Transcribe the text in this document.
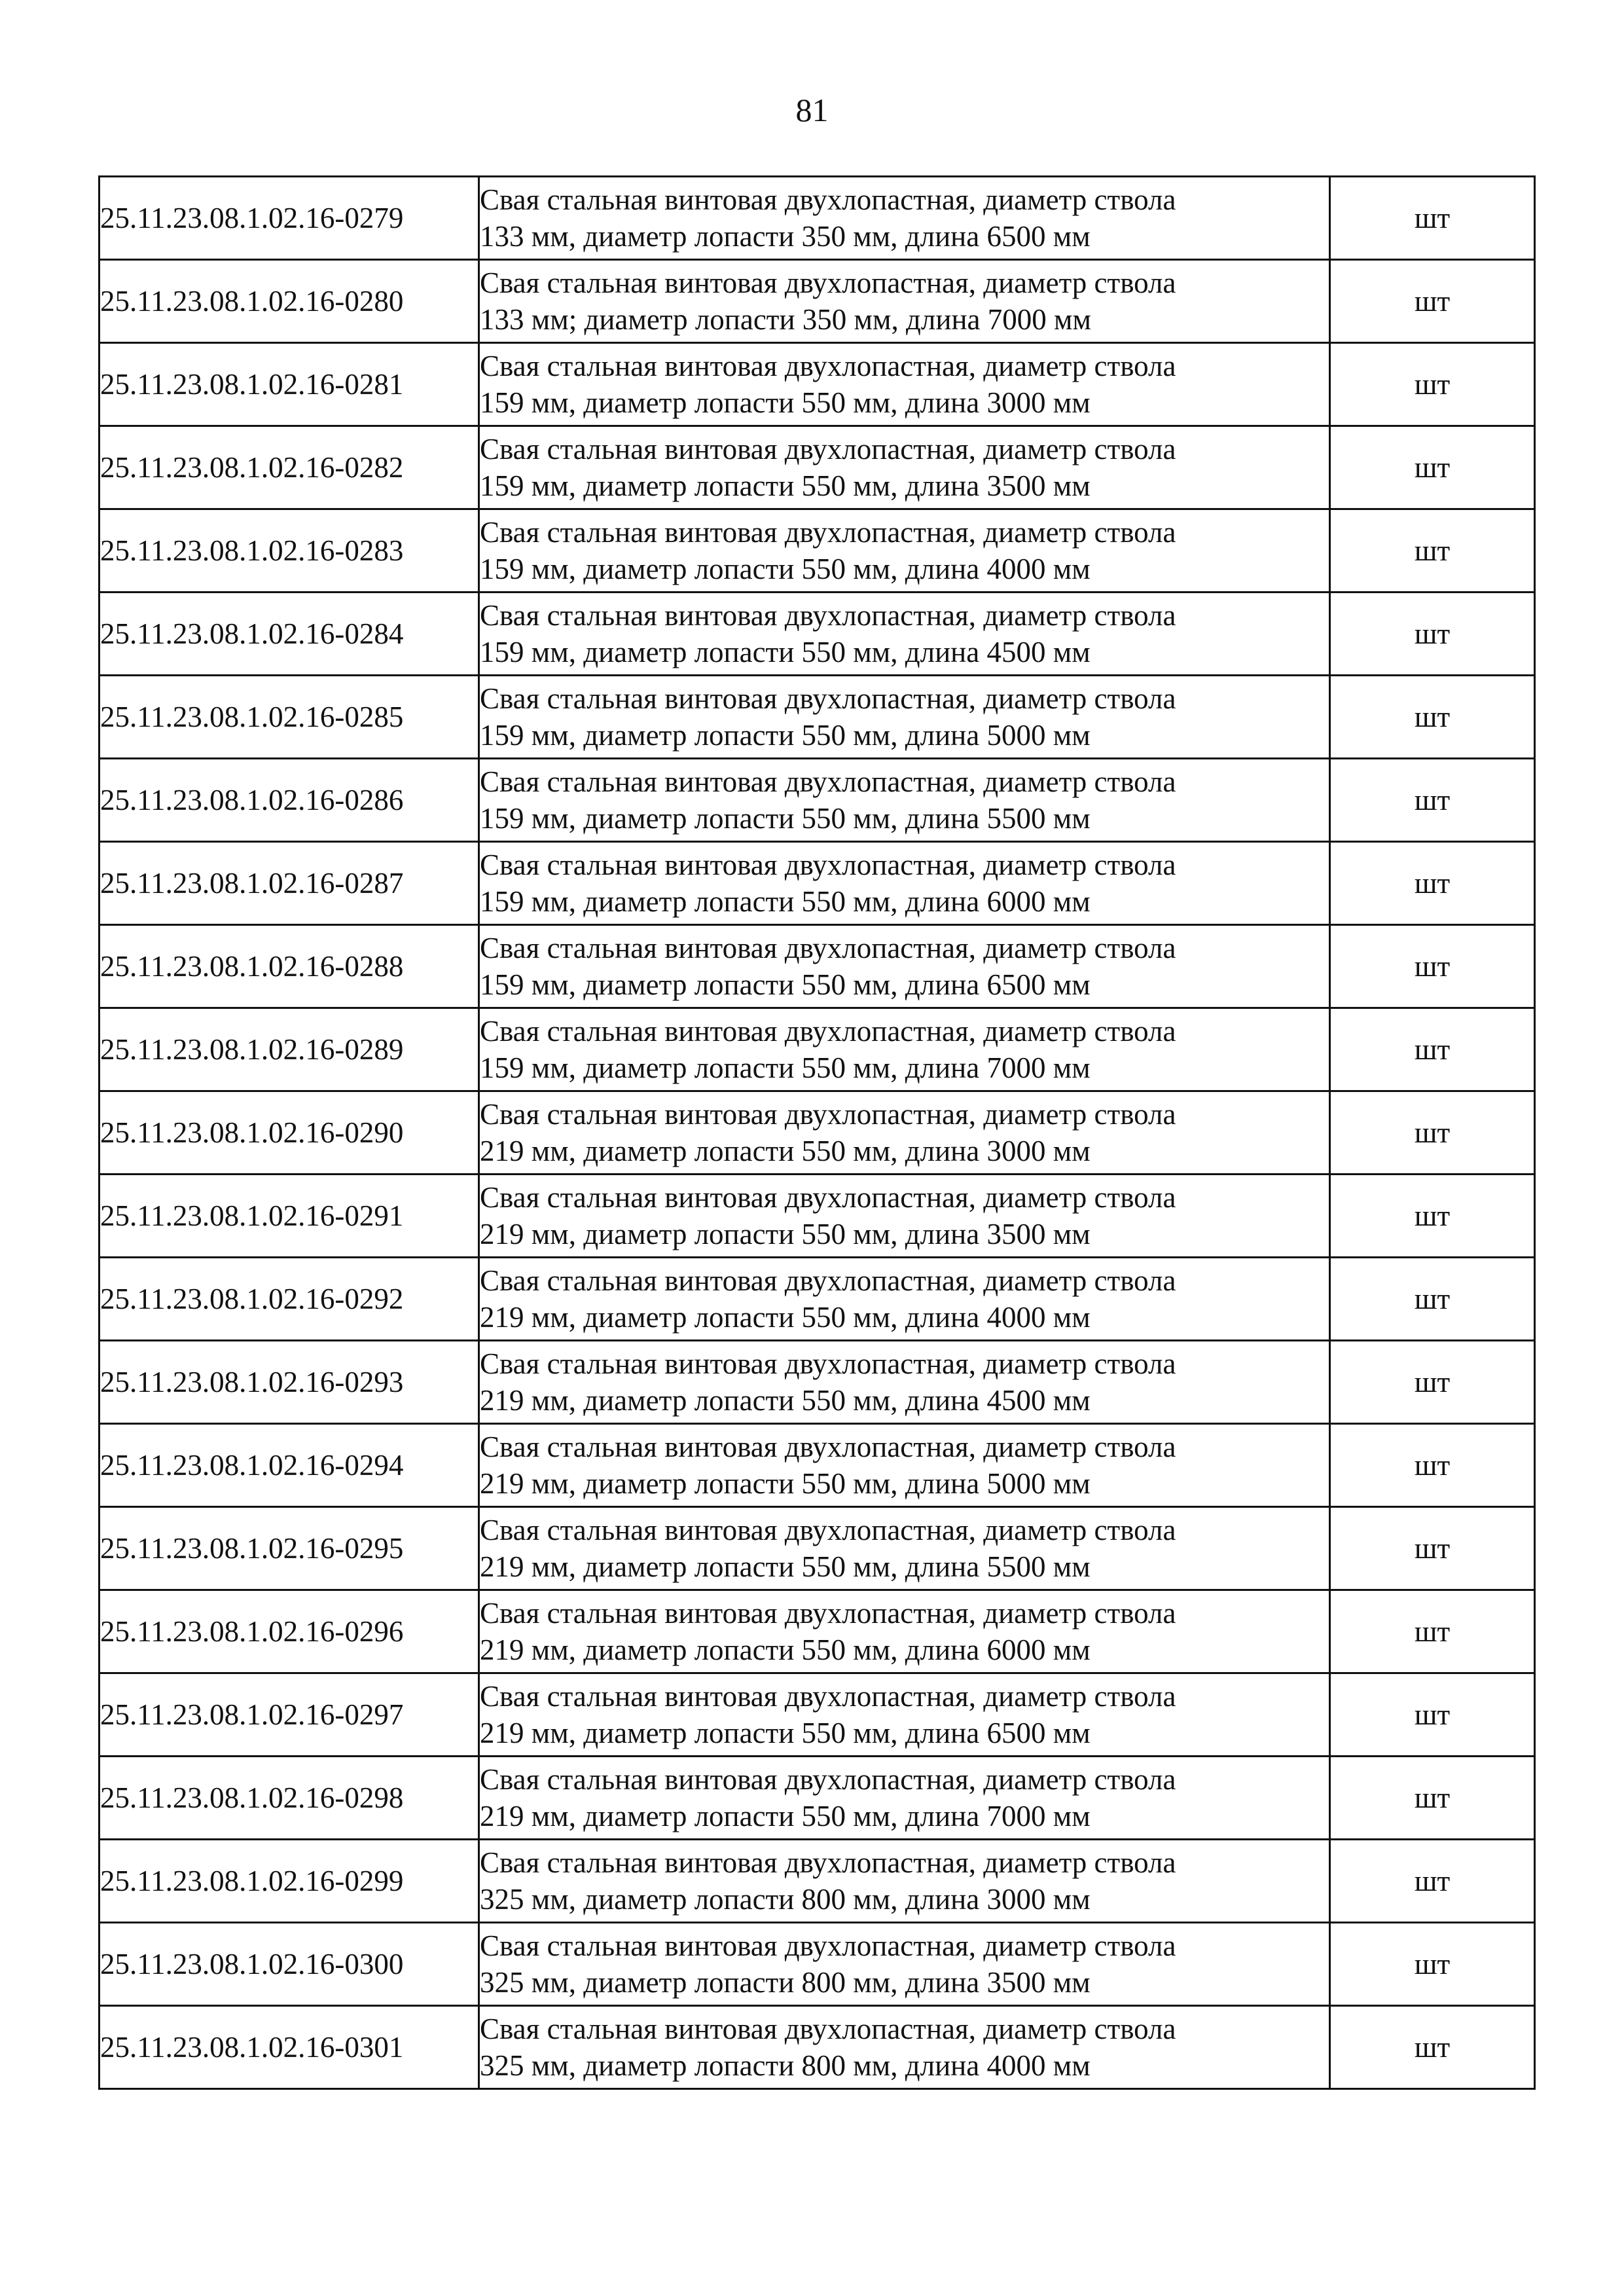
81
25.11.23.08.1.02.16-0279	Свая стальная винтовая двухлопастная, диаметр ствола
133 мм, диаметр лопасти 350 мм, длина 6500 мм	шт
25.11.23.08.1.02.16-0280	Свая стальная винтовая двухлопастная, диаметр ствола
133 мм; диаметр лопасти 350 мм, длина 7000 мм	шт
25.11.23.08.1.02.16-0281	Свая стальная винтовая двухлопастная, диаметр ствола
159 мм, диаметр лопасти 550 мм, длина 3000 мм	шт
25.11.23.08.1.02.16-0282	Свая стальная винтовая двухлопастная, диаметр ствола
159 мм, диаметр лопасти 550 мм, длина 3500 мм	шт
25.11.23.08.1.02.16-0283	Свая стальная винтовая двухлопастная, диаметр ствола
159 мм, диаметр лопасти 550 мм, длина 4000 мм	шт
25.11.23.08.1.02.16-0284	Свая стальная винтовая двухлопастная, диаметр ствола
159 мм, диаметр лопасти 550 мм, длина 4500 мм	шт
25.11.23.08.1.02.16-0285	Свая стальная винтовая двухлопастная, диаметр ствола
159 мм, диаметр лопасти 550 мм, длина 5000 мм	шт
25.11.23.08.1.02.16-0286	Свая стальная винтовая двухлопастная, диаметр ствола
159 мм, диаметр лопасти 550 мм, длина 5500 мм	шт
25.11.23.08.1.02.16-0287	Свая стальная винтовая двухлопастная, диаметр ствола
159 мм, диаметр лопасти 550 мм, длина 6000 мм	шт
25.11.23.08.1.02.16-0288	Свая стальная винтовая двухлопастная, диаметр ствола
159 мм, диаметр лопасти 550 мм, длина 6500 мм	шт
25.11.23.08.1.02.16-0289	Свая стальная винтовая двухлопастная, диаметр ствола
159 мм, диаметр лопасти 550 мм, длина 7000 мм	шт
25.11.23.08.1.02.16-0290	Свая стальная винтовая двухлопастная, диаметр ствола
219 мм, диаметр лопасти 550 мм, длина 3000 мм	шт
25.11.23.08.1.02.16-0291	Свая стальная винтовая двухлопастная, диаметр ствола
219 мм, диаметр лопасти 550 мм, длина 3500 мм	шт
25.11.23.08.1.02.16-0292	Свая стальная винтовая двухлопастная, диаметр ствола
219 мм, диаметр лопасти 550 мм, длина 4000 мм	шт
25.11.23.08.1.02.16-0293	Свая стальная винтовая двухлопастная, диаметр ствола
219 мм, диаметр лопасти 550 мм, длина 4500 мм	шт
25.11.23.08.1.02.16-0294	Свая стальная винтовая двухлопастная, диаметр ствола
219 мм, диаметр лопасти 550 мм, длина 5000 мм	шт
25.11.23.08.1.02.16-0295	Свая стальная винтовая двухлопастная, диаметр ствола
219 мм, диаметр лопасти 550 мм, длина 5500 мм	шт
25.11.23.08.1.02.16-0296	Свая стальная винтовая двухлопастная, диаметр ствола
219 мм, диаметр лопасти 550 мм, длина 6000 мм	шт
25.11.23.08.1.02.16-0297	Свая стальная винтовая двухлопастная, диаметр ствола
219 мм, диаметр лопасти 550 мм, длина 6500 мм	шт
25.11.23.08.1.02.16-0298	Свая стальная винтовая двухлопастная, диаметр ствола
219 мм, диаметр лопасти 550 мм, длина 7000 мм	шт
25.11.23.08.1.02.16-0299	Свая стальная винтовая двухлопастная, диаметр ствола
325 мм, диаметр лопасти 800 мм, длина 3000 мм	шт
25.11.23.08.1.02.16-0300	Свая стальная винтовая двухлопастная, диаметр ствола
325 мм, диаметр лопасти 800 мм, длина 3500 мм	шт
25.11.23.08.1.02.16-0301	Свая стальная винтовая двухлопастная, диаметр ствола
325 мм, диаметр лопасти 800 мм, длина 4000 мм	шт
